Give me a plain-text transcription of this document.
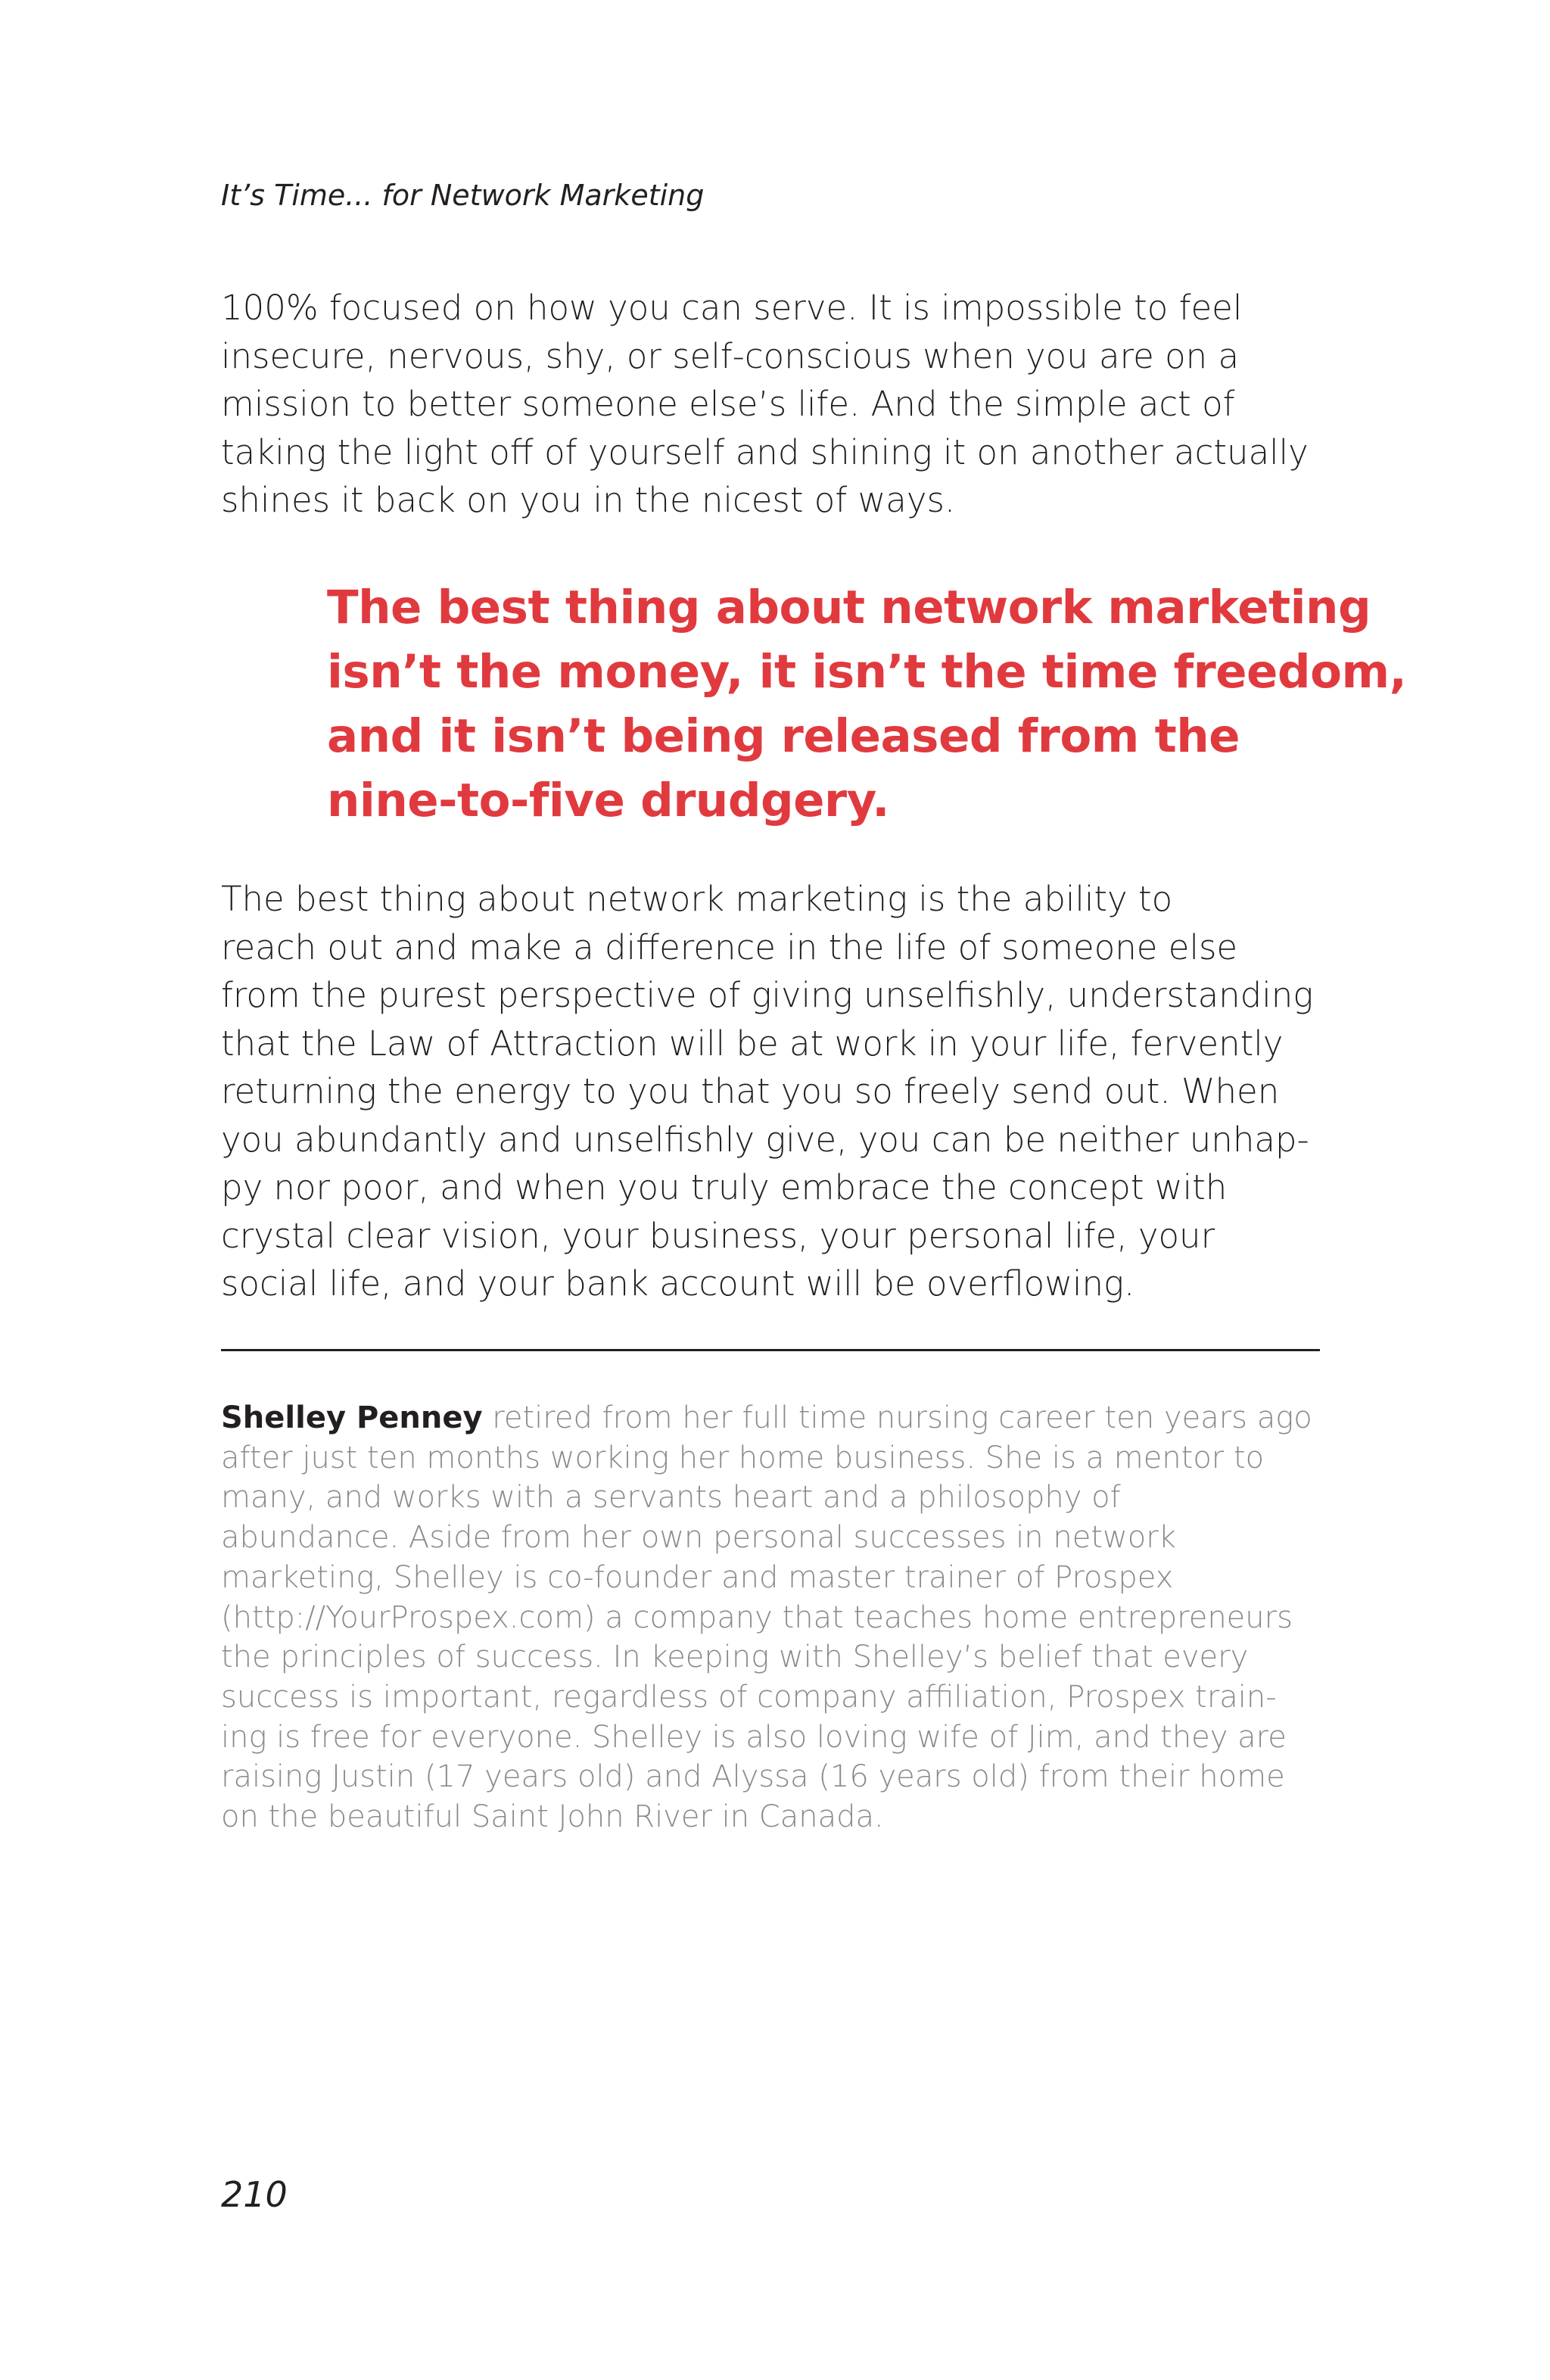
It’s Time... for Network Marketing

100% focused on how you can serve. It is impossible to feel
insecure, nervous, shy, or self-conscious when you are on a
mission to better someone else’s life. And the simple act of
taking the light off of yourself and shining it on another actually
shines it back on you in the nicest of ways.

The best thing about network marketing
isn’t the money, it isn’t the time freedom,
and it isn’t being released from the
nine-to-five drudgery.

The best thing about network marketing is the ability to
reach out and make a difference in the life of someone else
from the purest perspective of giving unselfishly, understanding
that the Law of Attraction will be at work in your life, fervently
returning the energy to you that you so freely send out. When
you abundantly and unselfishly give, you can be neither unhap-
py nor poor, and when you truly embrace the concept with
crystal clear vision, your business, your personal life, your
social life, and your bank account will be overflowing.

Shelley Penney retired from her full time nursing career ten years ago
after just ten months working her home business. She is a mentor to
many, and works with a servants heart and a philosophy of
abundance. Aside from her own personal successes in network
marketing, Shelley is co-founder and master trainer of Prospex
(http://YourProspex.com) a company that teaches home entrepreneurs
the principles of success. In keeping with Shelley’s belief that every
success is important, regardless of company affiliation, Prospex train-
ing is free for everyone. Shelley is also loving wife of Jim, and they are
raising Justin (17 years old) and Alyssa (16 years old) from their home
on the beautiful Saint John River in Canada.

210
